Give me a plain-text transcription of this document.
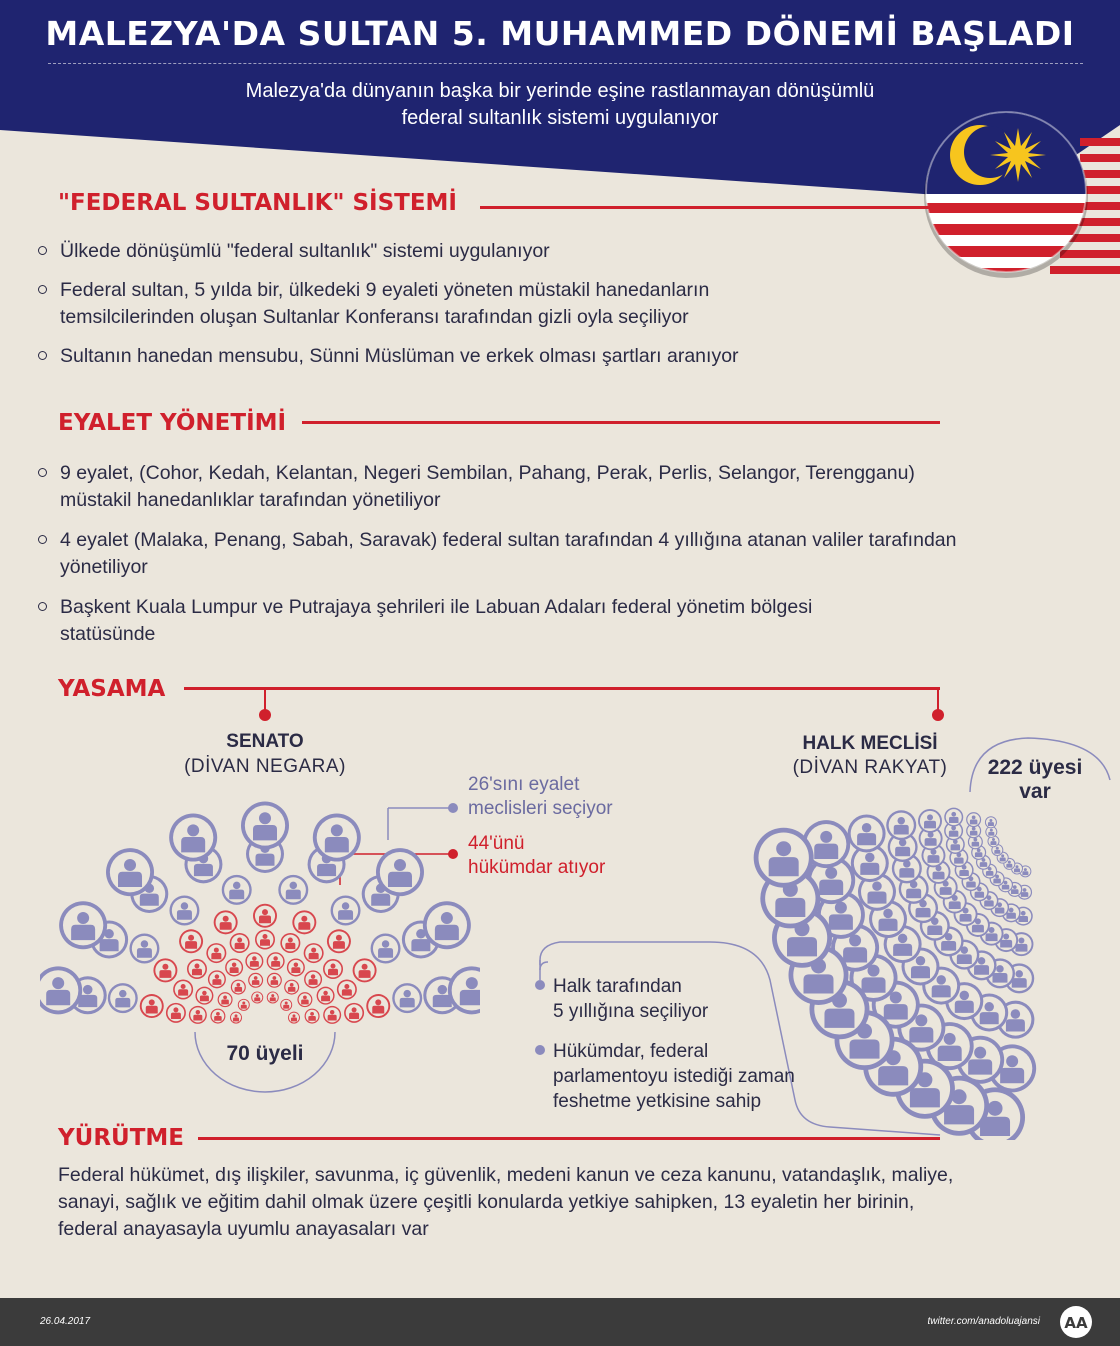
MALEZYA'DA SULTAN 5. MUHAMMED DÖNEMİ BAŞLADI
Malezya'da dünyanın başka bir yerinde eşine rastlanmayan dönüşümlü
federal sultanlık sistemi uygulanıyor
"FEDERAL SULTANLIK" SİSTEMİ
Ülkede dönüşümlü "federal sultanlık" sistemi uygulanıyor
Federal sultan, 5 yılda bir, ülkedeki 9 eyaleti yöneten müstakil hanedanların temsilcilerinden oluşan Sultanlar Konferansı tarafından gizli oyla seçiliyor
Sultanın hanedan mensubu, Sünni Müslüman ve erkek olması şartları aranıyor
EYALET YÖNETİMİ
9 eyalet, (Cohor, Kedah, Kelantan, Negeri Sembilan, Pahang, Perak, Perlis, Selangor, Terengganu) müstakil hanedanlıklar tarafından yönetiliyor
4 eyalet (Malaka, Penang, Sabah, Saravak) federal sultan tarafından 4 yıllığına atanan valiler tarafından yönetiliyor
Başkent Kuala Lumpur ve Putrajaya şehrileri ile Labuan Adaları federal yönetim bölgesi statüsünde
YASAMA
SENATO
(DİVAN NEGARA)
HALK MECLİSİ
(DİVAN RAKYAT)
26'sını eyalet
meclisleri seçiyor
44'ünü
hükümdar atıyor
70 üyeli
222 üyesi
var
Halk tarafından
5 yıllığına seçiliyor
Hükümdar, federal
parlamentoyu istediği zaman
feshetme yetkisine sahip
YÜRÜTME
Federal hükümet, dış ilişkiler, savunma, iç güvenlik, medeni kanun ve ceza kanunu, vatandaşlık, maliye, sanayi, sağlık ve eğitim dahil olmak üzere çeşitli konularda yetkiye sahipken, 13 eyaletin her birinin, federal anayasayla uyumlu anayasaları var
26.04.2017	twitter.com/anadoluajansi AA
